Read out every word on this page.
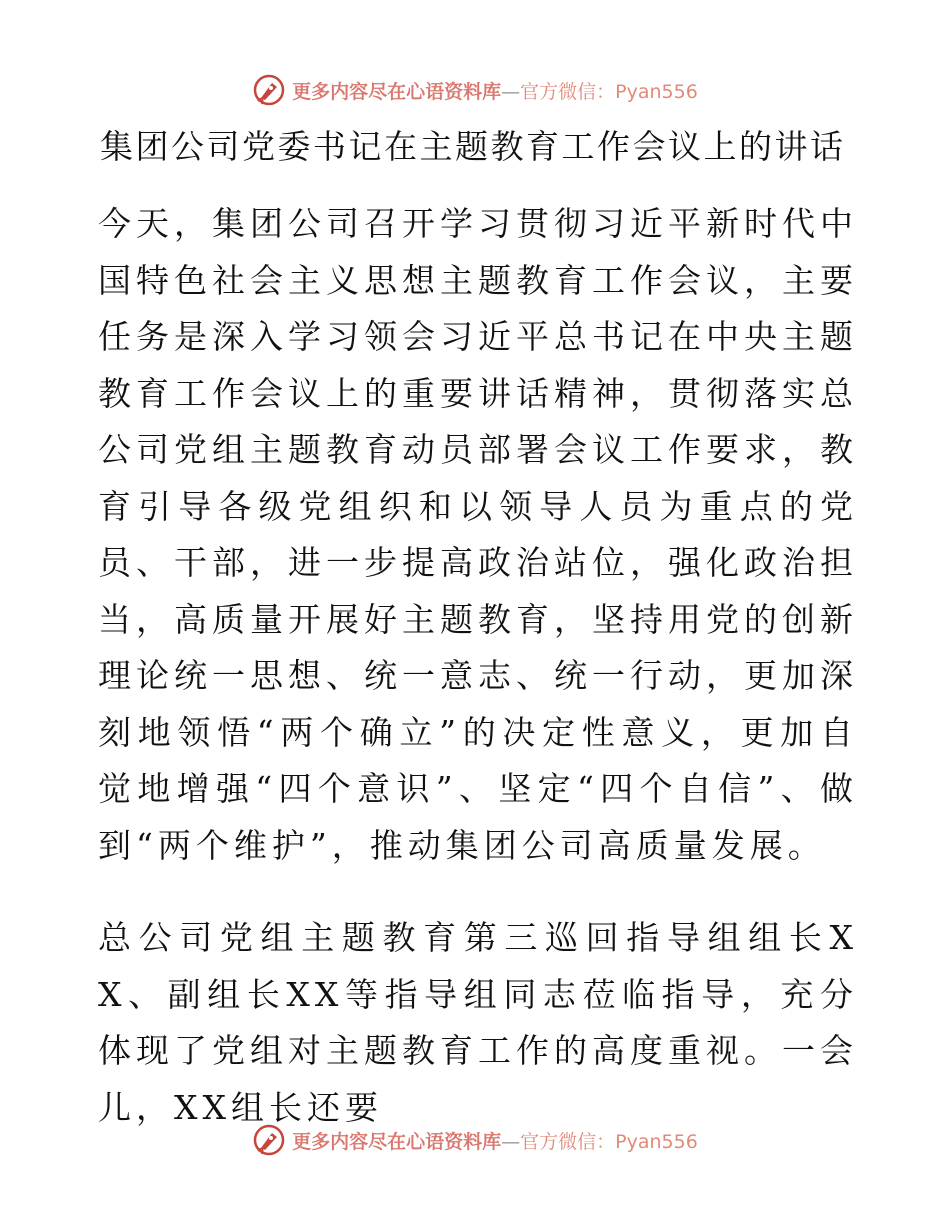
更多内容尽在心语资料库—官方微信：Pyan556
集团公司党委书记在主题教育工作会议上的讲话

今天，集团公司召开学习贯彻习近平新时代中国特色社会主义思想主题教育工作会议，主要任务是深入学习领会习近平总书记在中央主题教育工作会议上的重要讲话精神，贯彻落实总公司党组主题教育动员部署会议工作要求，教育引导各级党组织和以领导人员为重点的党员、干部，进一步提高政治站位，强化政治担当，高质量开展好主题教育，坚持用党的创新理论统一思想、统一意志、统一行动，更加深刻地领悟“两个确立”的决定性意义，更加自觉地增强“四个意识”、坚定“四个自信”、做到“两个维护”，推动集团公司高质量发展。

总公司党组主题教育第三巡回指导组组长XX、副组长XX等指导组同志莅临指导，充分体现了党组对主题教育工作的高度重视。一会儿，XX组长还要

更多内容尽在心语资料库—官方微信：Pyan556
